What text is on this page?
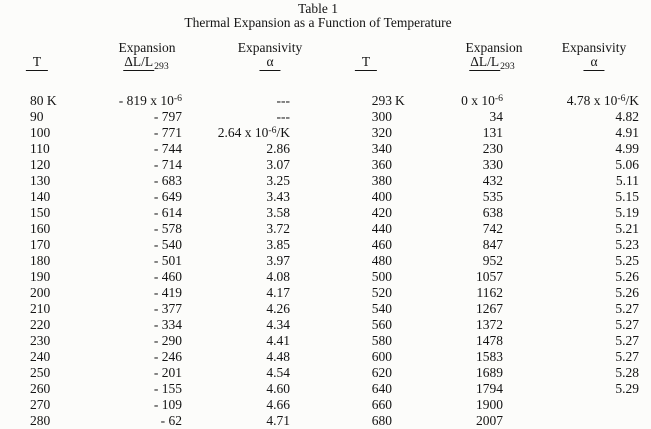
Table 1
Thermal Expansion as a Function of Temperature
Expansion	Expansivity
T	$\Delta L/L_{293}$	α
Expansion	Expansivity
T	$\Delta L/L_{293}$	α
80 K	- 819 x $10^{-6}$	---
90	- 797	---
100	- 771	2.64 x $10^{-6}/K$
110	- 744	2.86
120	- 714	3.07
130	- 683	3.25
140	- 649	3.43
150	- 614	3.58
160	- 578	3.72
170	- 540	3.85
180	- 501	3.97
190	- 460	4.08
200	- 419	4.17
210	- 377	4.26
220	- 334	4.34
230	- 290	4.41
240	- 246	4.48
250	- 201	4.54
260	- 155	4.60
270	- 109	4.66
280	- 62	4.71
293 K	0 x $10^{-6}$	4.78 x $10^{-6}/K$
300	34	4.82
320	131	4.91
340	230	4.99
360	330	5.06
380	432	5.11
400	535	5.15
420	638	5.19
440	742	5.21
460	847	5.23
480	952	5.25
500	1057	5.26
520	1162	5.26
540	1267	5.27
560	1372	5.27
580	1478	5.27
600	1583	5.27
620	1689	5.28
640	1794	5.29
660	1900
680	2007
